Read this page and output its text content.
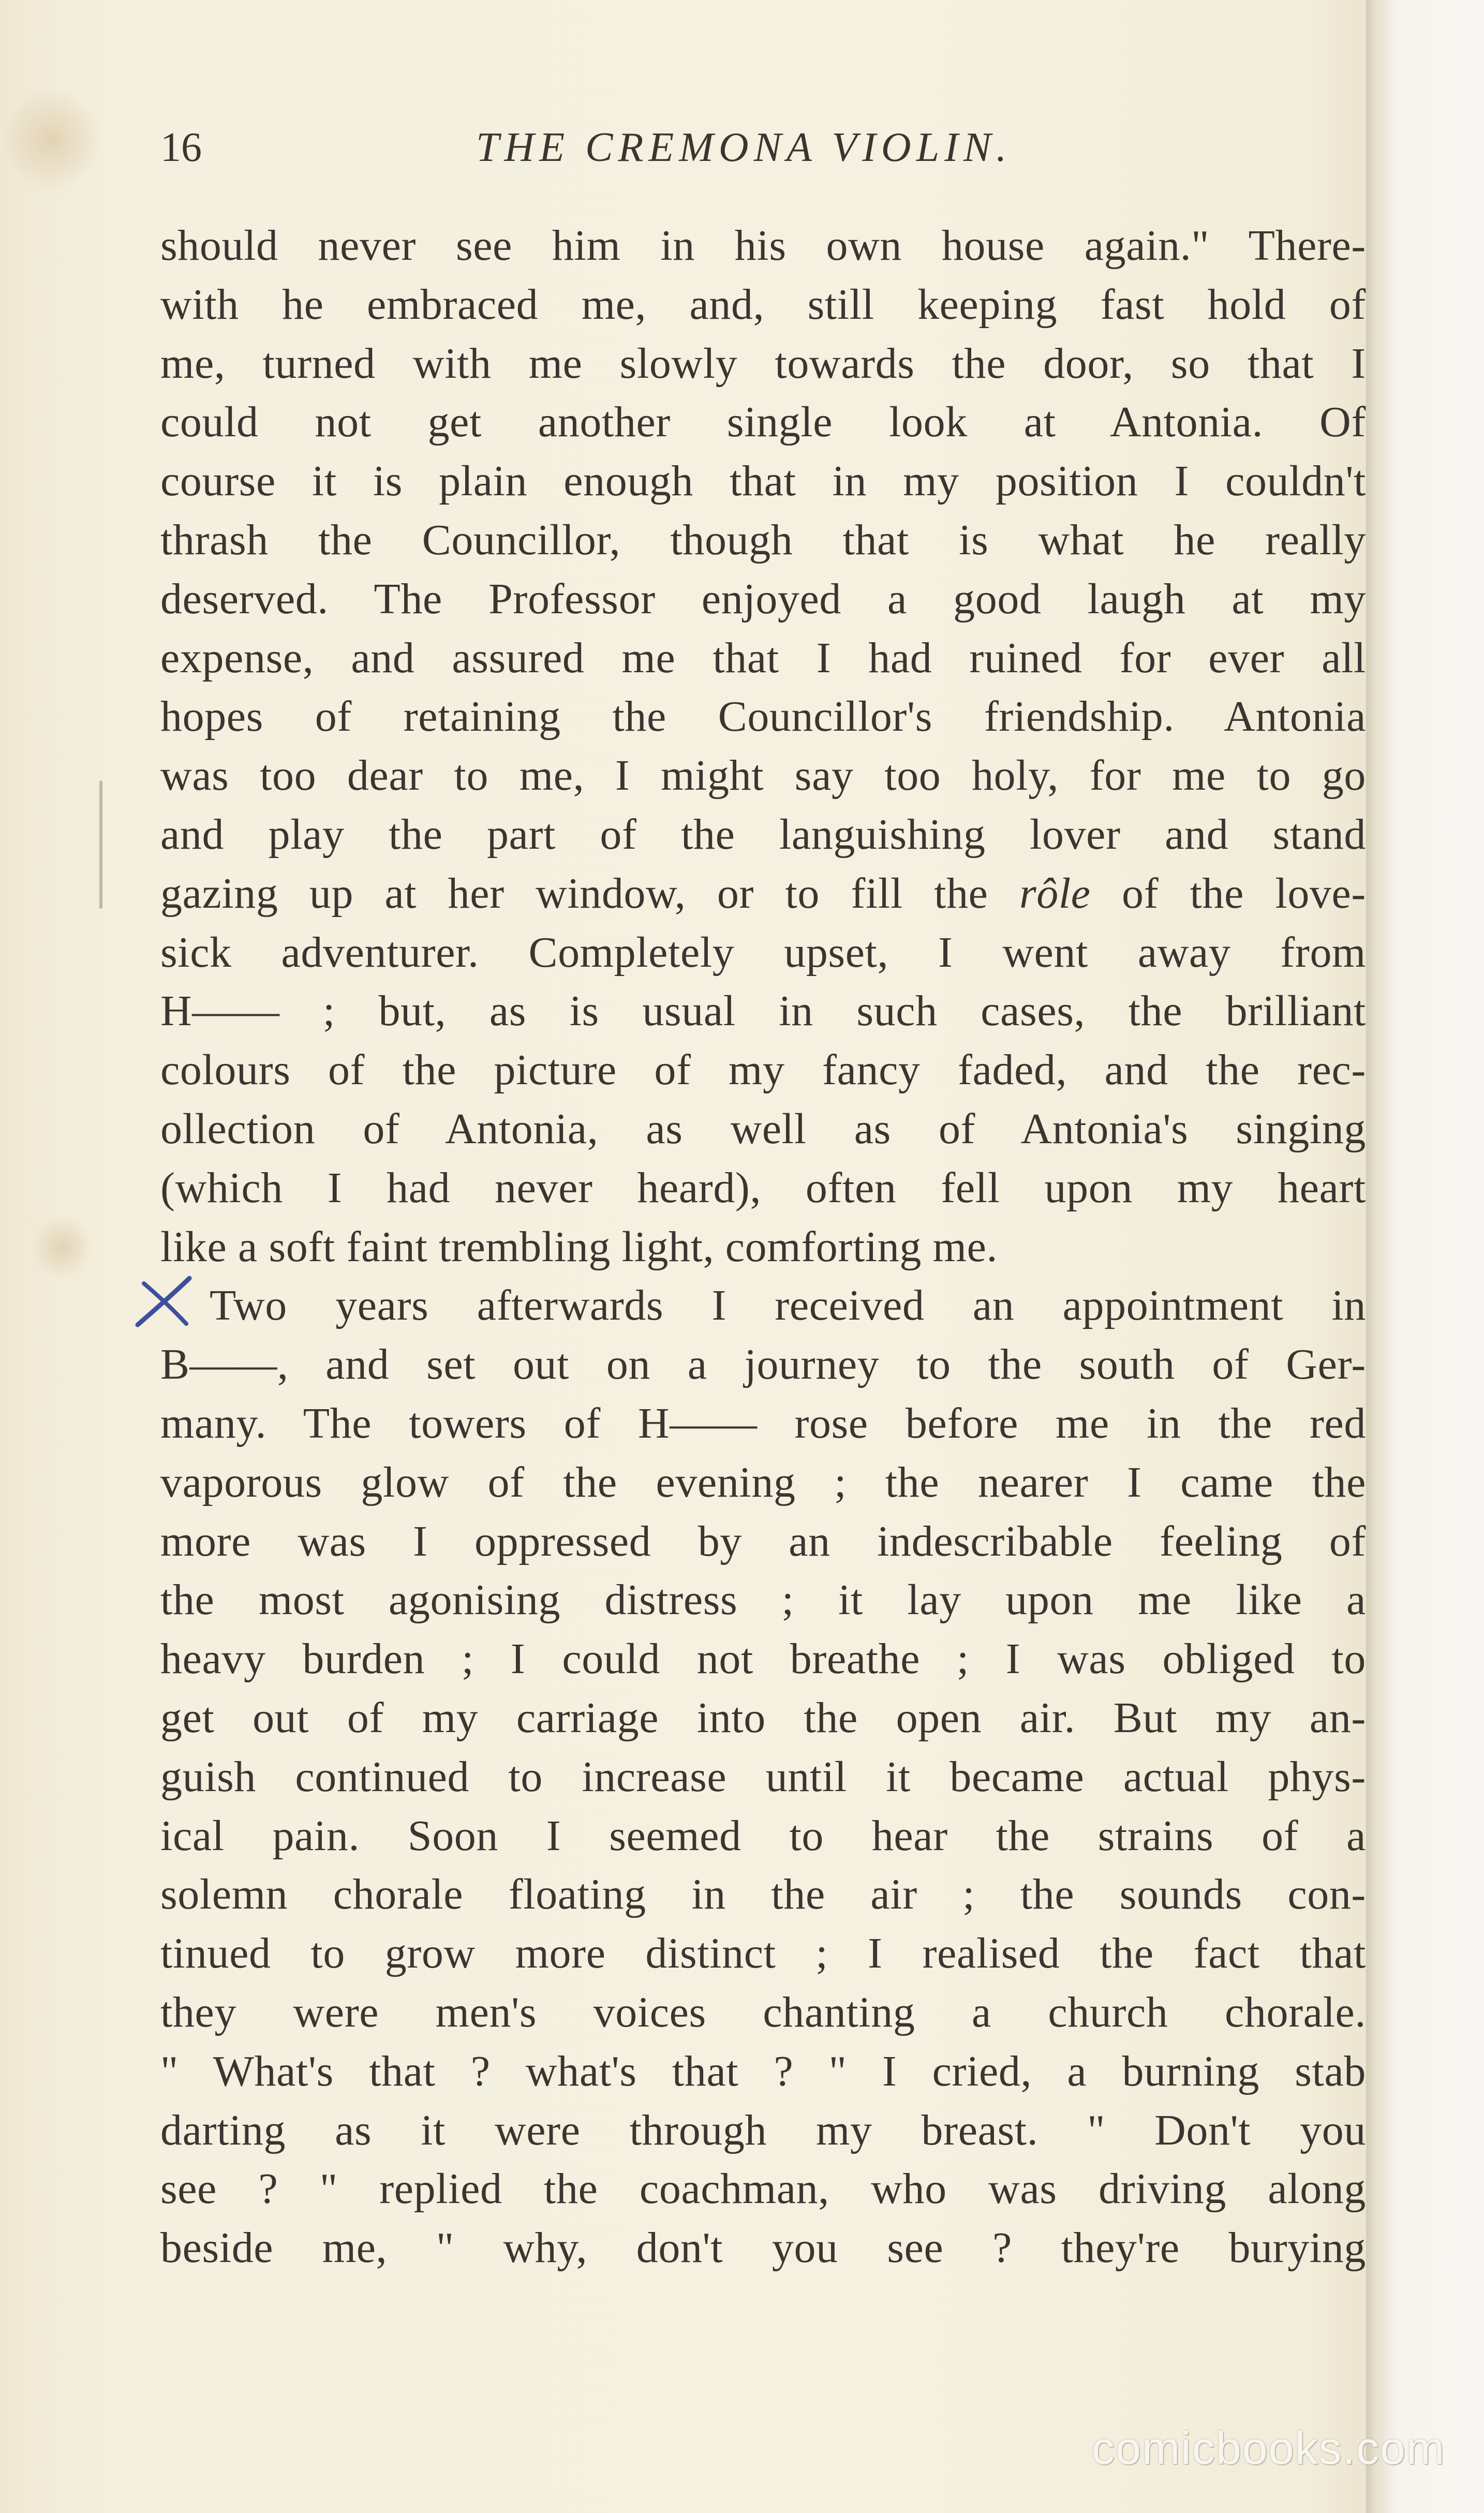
16	THE CREMONA VIOLIN.
should never see him in his own house again." There-
with he embraced me, and, still keeping fast hold of
me, turned with me slowly towards the door, so that I
could not get another single look at Antonia. Of
course it is plain enough that in my position I couldn't
thrash the Councillor, though that is what he really
deserved. The Professor enjoyed a good laugh at my
expense, and assured me that I had ruined for ever all
hopes of retaining the Councillor's friendship. Antonia
was too dear to me, I might say too holy, for me to go
and play the part of the languishing lover and stand
gazing up at her window, or to fill the rôle of the love-
sick adventurer. Completely upset, I went away from
H—— ; but, as is usual in such cases, the brilliant
colours of the picture of my fancy faded, and the rec-
ollection of Antonia, as well as of Antonia's singing
(which I had never heard), often fell upon my heart
like a soft faint trembling light, comforting me.
Two years afterwards I received an appointment in
B——, and set out on a journey to the south of Ger-
many. The towers of H—— rose before me in the red
vaporous glow of the evening ; the nearer I came the
more was I oppressed by an indescribable feeling of
the most agonising distress ; it lay upon me like a
heavy burden ; I could not breathe ; I was obliged to
get out of my carriage into the open air. But my an-
guish continued to increase until it became actual phys-
ical pain. Soon I seemed to hear the strains of a
solemn chorale floating in the air ; the sounds con-
tinued to grow more distinct ; I realised the fact that
they were men's voices chanting a church chorale.
" What's that ? what's that ? " I cried, a burning stab
darting as it were through my breast. " Don't you
see ? " replied the coachman, who was driving along
beside me, " why, don't you see ? they're burying
comicbooks.com
